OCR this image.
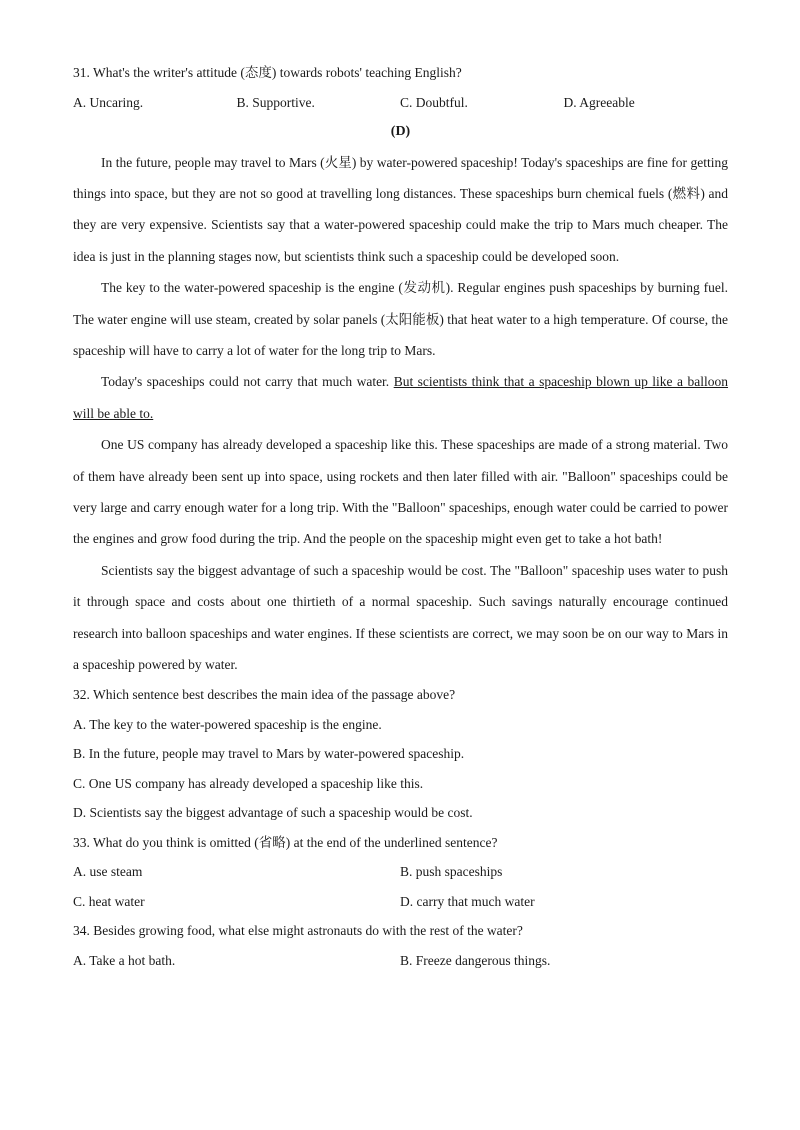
31. What's the writer's attitude (态度) towards robots' teaching English?
A. Uncaring.	B. Supportive.	C. Doubtful.	D. Agreeable
(D)

In the future, people may travel to Mars (火星) by water-powered spaceship! Today's spaceships are fine for getting things into space, but they are not so good at travelling long distances. These spaceships burn chemical fuels (燃料) and they are very expensive. Scientists say that a water-powered spaceship could make the trip to Mars much cheaper. The idea is just in the planning stages now, but scientists think such a spaceship could be developed soon.

The key to the water-powered spaceship is the engine (发动机). Regular engines push spaceships by burning fuel. The water engine will use steam, created by solar panels (太阳能板) that heat water to a high temperature. Of course, the spaceship will have to carry a lot of water for the long trip to Mars.

Today's spaceships could not carry that much water. But scientists think that a spaceship blown up like a balloon will be able to.

One US company has already developed a spaceship like this. These spaceships are made of a strong material. Two of them have already been sent up into space, using rockets and then later filled with air. "Balloon" spaceships could be very large and carry enough water for a long trip. With the "Balloon" spaceships, enough water could be carried to power the engines and grow food during the trip. And the people on the spaceship might even get to take a hot bath!

Scientists say the biggest advantage of such a spaceship would be cost. The "Balloon" spaceship uses water to push it through space and costs about one thirtieth of a normal spaceship. Such savings naturally encourage continued research into balloon spaceships and water engines. If these scientists are correct, we may soon be on our way to Mars in a spaceship powered by water.

32. Which sentence best describes the main idea of the passage above?
A. The key to the water-powered spaceship is the engine.
B. In the future, people may travel to Mars by water-powered spaceship.
C. One US company has already developed a spaceship like this.
D. Scientists say the biggest advantage of such a spaceship would be cost.
33. What do you think is omitted (省略) at the end of the underlined sentence?
A. use steam	B. push spaceships
C. heat water	D. carry that much water
34. Besides growing food, what else might astronauts do with the rest of the water?
A. Take a hot bath.	B. Freeze dangerous things.
